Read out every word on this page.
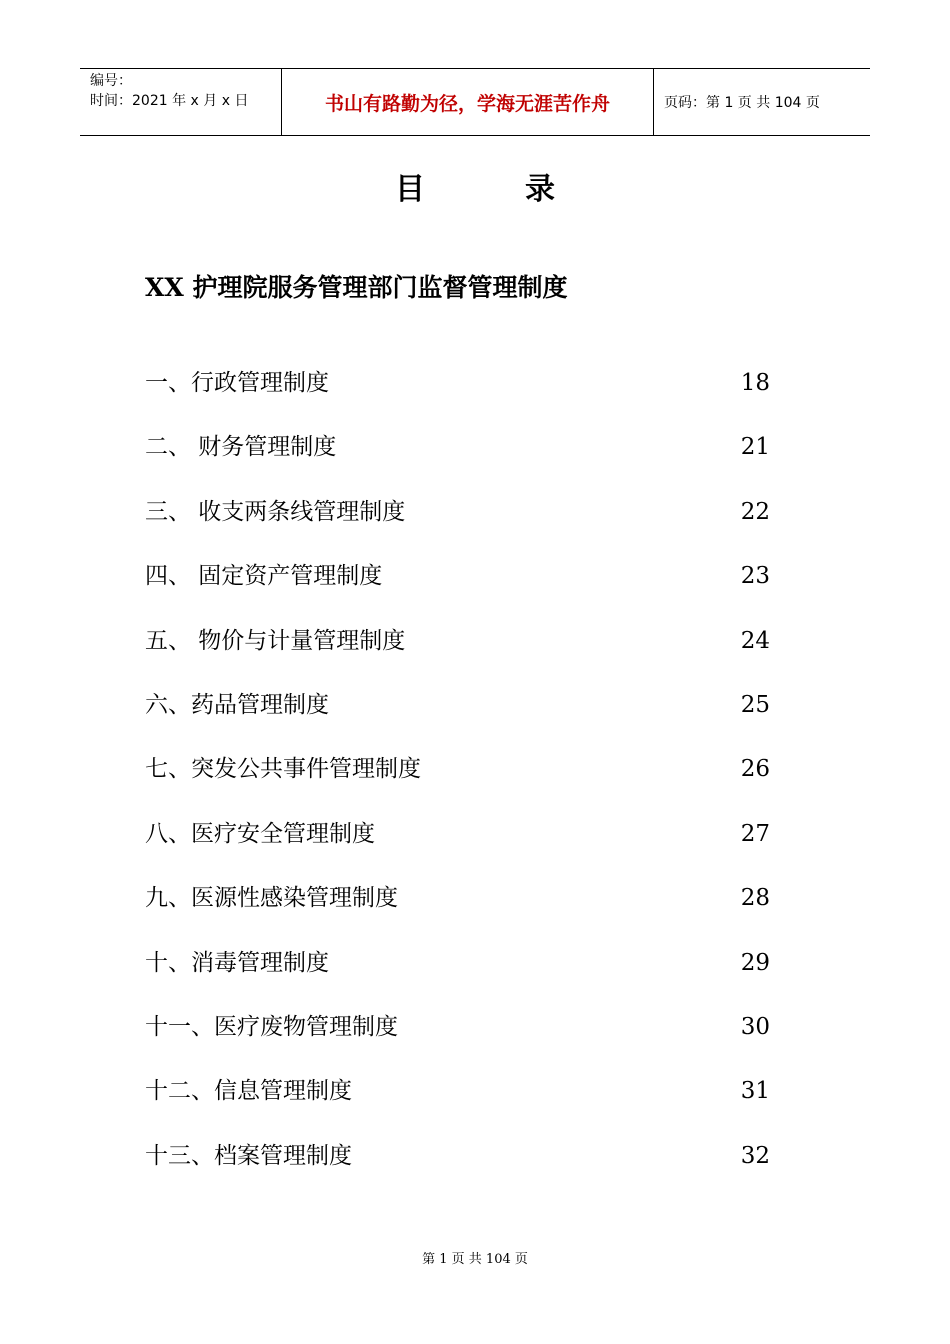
编号：
时间：2021 年 x 月 x 日	书山有路勤为径，学海无涯苦作舟	页码：第 1 页 共 104 页
目录
XX 护理院服务管理部门监督管理制度
一、行政管理制度	18
二、 财务管理制度	21
三、 收支两条线管理制度	22
四、 固定资产管理制度	23
五、 物价与计量管理制度	24
六、药品管理制度	25
七、突发公共事件管理制度	26
八、医疗安全管理制度	27
九、医源性感染管理制度	28
十、消毒管理制度	29
十一、医疗废物管理制度	30
十二、信息管理制度	31
十三、档案管理制度	32
第 1 页 共 104 页
